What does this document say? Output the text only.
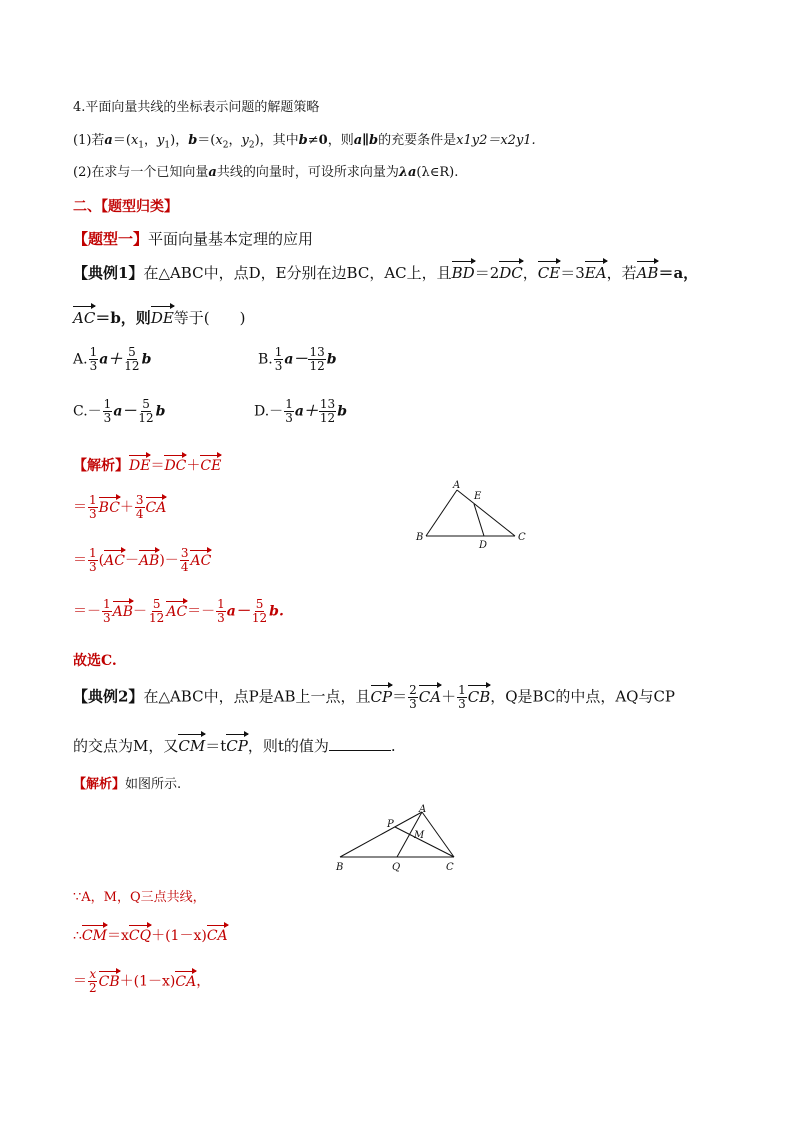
4.平面向量共线的坐标表示问题的解题策略
(1)若$a=(x_1$，$y_1$)，$b=(x_2$，$y_2$)，其中b≠0，则a∥b的充要条件是x1y2＝x2y1.
(2)在求与一个已知向量a共线的向量时，可设所求向量为λa(λ∈R).
二、【题型归类】
【题型一】平面向量基本定理的应用
【典例1】在△ABC中，点D，E分别在边BC，AC上，且BD＝2DC，CE＝3EA，若AB＝a，
AC＝b，则DE等于(　　)
A. $\frac{1}{3} a+ \frac{5}{12}$ b	B. $\frac{1}{3} a- \frac{13}{12}$ b
$C.- \frac{1}{3} a- \frac{5}{12}$ b	$D.- \frac{1}{3} a+ \frac{13}{12}$ b
【解析】DE＝DC＋CE
＝ $\frac{1}{3} BC+ \frac{3}{4}$ CA
＝ $\frac{1}{3} (AC-AB)- \frac{3}{4}$ AC
＝－ $\frac{1}{3} AB- \frac{5}{12} AC=- \frac{1}{3} a- \frac{5}{12} b$.
故选C.
A
B	C
D
E
【典例2】在△ABC中，点P是AB上一点，且$CP= \frac{2}{3} CA+ \frac{1}{3}$ CB，Q是BC的中点，AQ与CP
的交点为M，又CM＝tCP，则t的值为	.
【解析】如图所示.
A
B	C
P
Q
M
∵A，M，Q三点共线，
∴CM＝xCQ＋(1－x)CA
＝ $\frac{x}{2} CB+(1-x)CA$，
